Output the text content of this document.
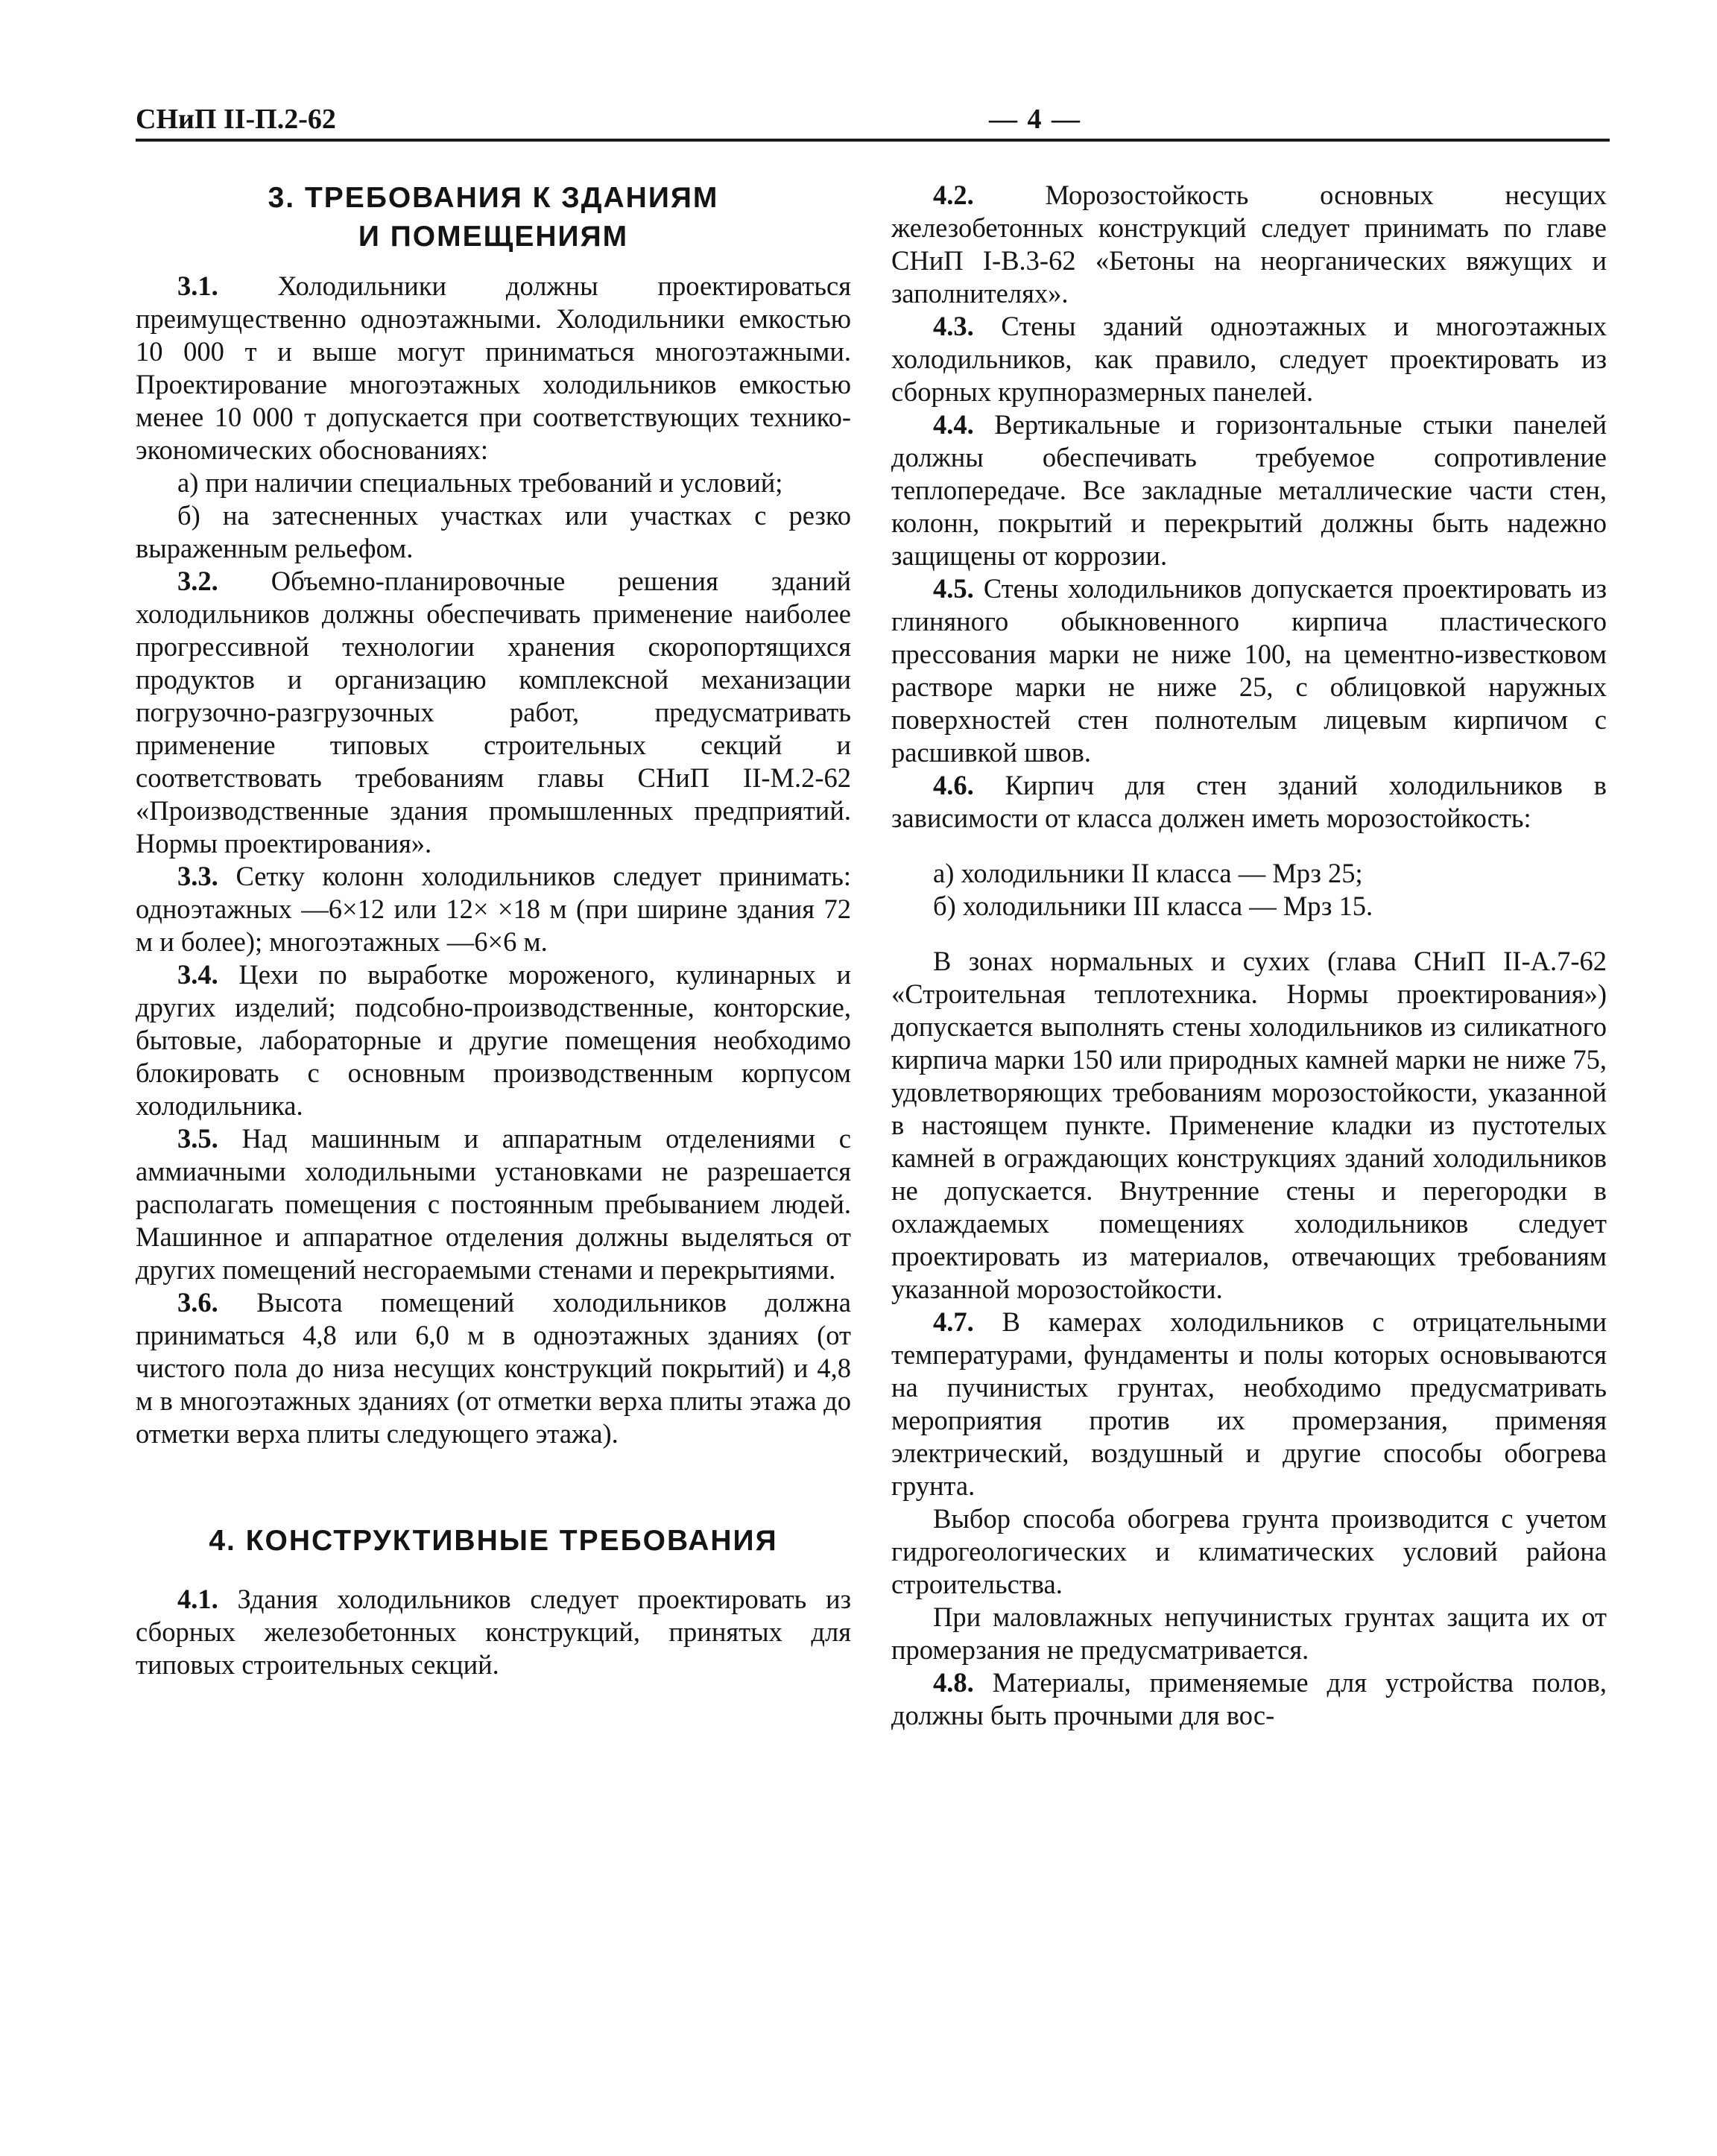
СНиП II-П.2-62	— 4 —
3. ТРЕБОВАНИЯ К ЗДАНИЯМ
И ПОМЕЩЕНИЯМ

3.1. Холодильники должны проектироваться преимущественно одноэтажными. Холодильники емкостью 10 000 т и выше могут приниматься многоэтажными. Проектирование многоэтажных холодильников емкостью менее 10 000 т допускается при соответствующих технико-экономических обоснованиях:

а) при наличии специальных требований и условий;

б) на затесненных участках или участках с резко выраженным рельефом.

3.2. Объемно-планировочные решения зданий холодильников должны обеспечивать применение наиболее прогрессивной технологии хранения скоропортящихся продуктов и организацию комплексной механизации погрузочно-разгрузочных работ, предусматривать применение типовых строительных секций и соответствовать требованиям главы СНиП II-М.2-62 «Производственные здания промышленных предприятий. Нормы проектирования».

3.3. Сетку колонн холодильников следует принимать: одноэтажных —6×12 или 12× ×18 м (при ширине здания 72 м и более); многоэтажных —6×6 м.

3.4. Цехи по выработке мороженого, кулинарных и других изделий; подсобно-производственные, конторские, бытовые, лабораторные и другие помещения необходимо блокировать с основным производственным корпусом холодильника.

3.5. Над машинным и аппаратным отделениями с аммиачными холодильными установками не разрешается располагать помещения с постоянным пребыванием людей. Машинное и аппаратное отделения должны выделяться от других помещений несгораемыми стенами и перекрытиями.

3.6. Высота помещений холодильников должна приниматься 4,8 или 6,0 м в одноэтажных зданиях (от чистого пола до низа несущих конструкций покрытий) и 4,8 м в многоэтажных зданиях (от отметки верха плиты этажа до отметки верха плиты следующего этажа).

4. КОНСТРУКТИВНЫЕ ТРЕБОВАНИЯ

4.1. Здания холодильников следует проектировать из сборных железобетонных конструкций, принятых для типовых строительных секций.

4.2.	Морозостойкость основных несущих железобетонных конструкций следует принимать по главе СНиП I-В.3-62 «Бетоны на неорганических вяжущих и заполнителях».

4.3. Стены зданий одноэтажных и многоэтажных холодильников, как правило, следует проектировать из сборных крупноразмерных панелей.

4.4. Вертикальные и горизонтальные стыки панелей должны обеспечивать требуемое сопротивление теплопередаче. Все закладные металлические части стен, колонн, покрытий и перекрытий должны быть надежно защищены от коррозии.

4.5. Стены холодильников допускается проектировать из глиняного обыкновенного кирпича пластического прессования марки не ниже 100, на цементно-известковом растворе марки не ниже 25, с облицовкой наружных поверхностей стен полнотелым лицевым кирпичом с расшивкой швов.

4.6. Кирпич для стен зданий холодильников в зависимости от класса должен иметь морозостойкость:

а) холодильники II класса — Мрз 25;

б) холодильники III класса — Мрз 15.

В зонах нормальных и сухих (глава СНиП II-А.7-62 «Строительная теплотехника. Нормы проектирования») допускается выполнять стены холодильников из силикатного кирпича марки 150 или природных камней марки не ниже 75, удовлетворяющих требованиям морозостойкости, указанной в настоящем пункте. Применение кладки из пустотелых камней в ограждающих конструкциях зданий холодильников не допускается. Внутренние стены и перегородки в охлаждаемых помещениях холодильников следует проектировать из материалов, отвечающих требованиям указанной морозостойкости.

4.7. В камерах холодильников с отрицательными температурами, фундаменты и полы которых основываются на пучинистых грунтах, необходимо предусматривать мероприятия против их промерзания, применяя электрический, воздушный и другие способы обогрева грунта.

Выбор способа обогрева грунта производится с учетом гидрогеологических и климатических условий района строительства.

При маловлажных непучинистых грунтах защита их от промерзания не предусматривается.

4.8. Материалы, применяемые для устройства полов, должны быть прочными для вос-
